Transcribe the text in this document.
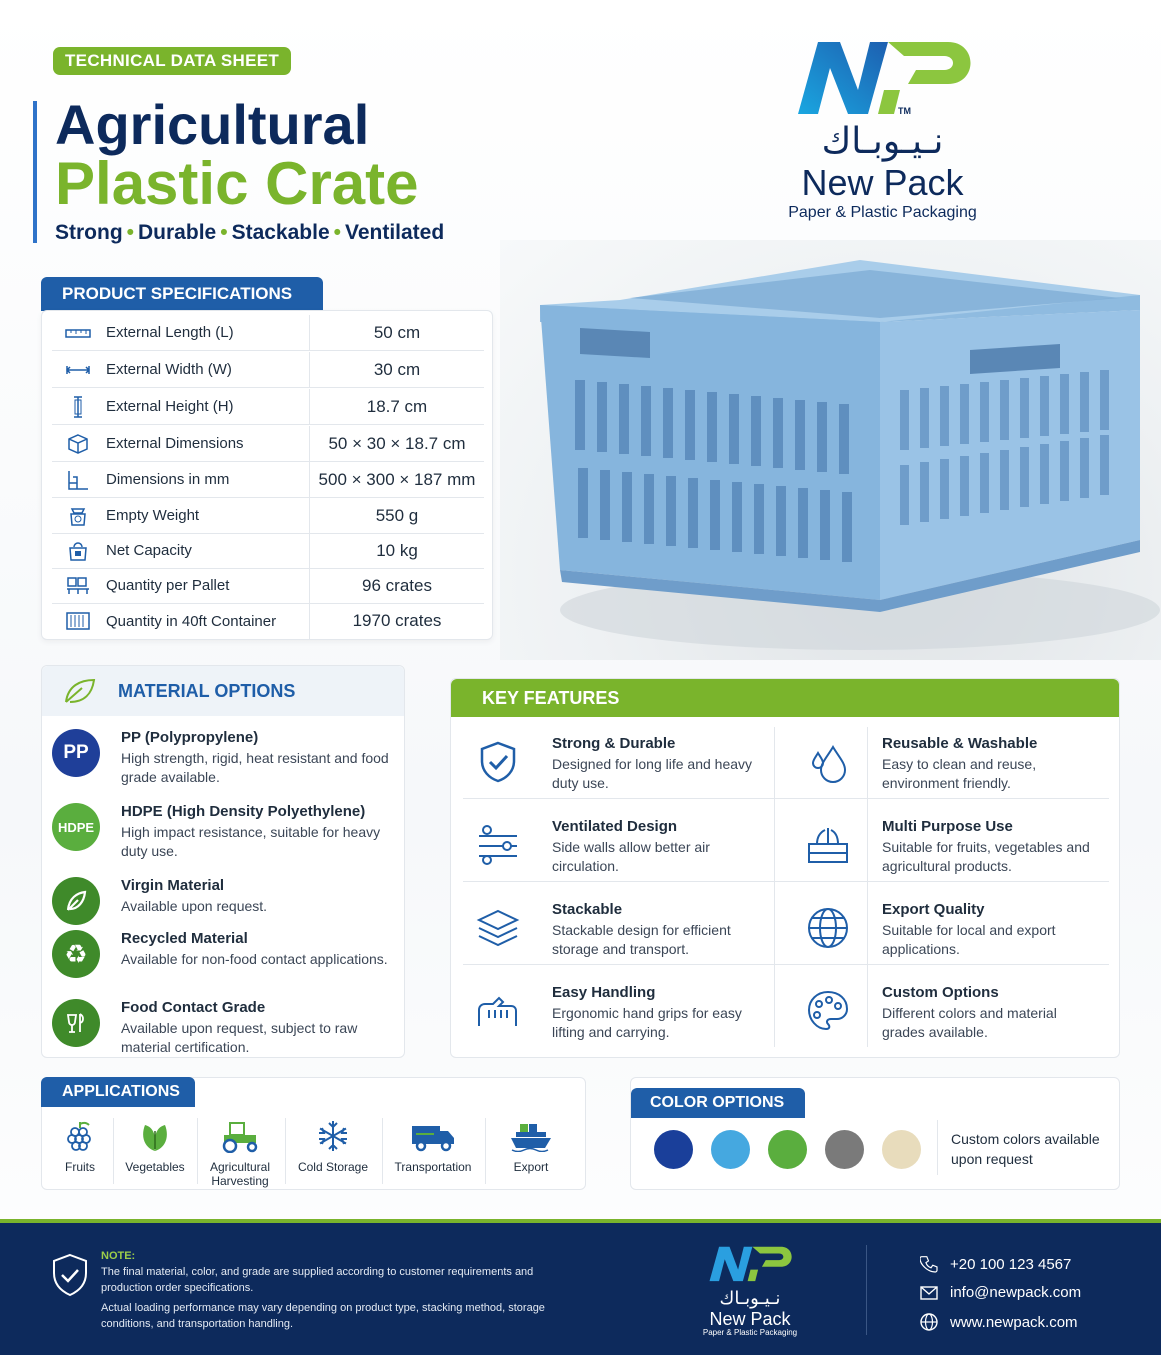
TECHNICAL DATA SHEET
Agricultural
Plastic Crate
Strong • Durable • Stackable • Ventilated
TM
نـيـوبـاك
New Pack
Paper & Plastic Packaging
PRODUCT SPECIFICATIONS
External Length (L)	50 cm
External Width (W)	30 cm
External Height (H)	18.7 cm
External Dimensions	50 × 30 × 18.7 cm
Dimensions in mm	500 × 300 × 187 mm
Empty Weight	550 g
Net Capacity	10 kg
Quantity per Pallet	96 crates
Quantity in 40ft Container	1970 crates
MATERIAL OPTIONS
PP
PP (Polypropylene)
High strength, rigid, heat resistant and food grade available.
HDPE
HDPE (High Density Polyethylene)
High impact resistance, suitable for heavy duty use.
Virgin Material
Available upon request.
♻	Recycled Material
Available for non-food contact applications.
Food Contact Grade
Available upon request, subject to raw material certification.
KEY FEATURES
Strong & Durable
Designed for long life and heavy duty use.
Reusable & Washable
Easy to clean and reuse, environment friendly.
Ventilated Design
Side walls allow better air circulation.
Multi Purpose Use
Suitable for fruits, vegetables and agricultural products.
Stackable
Stackable design for efficient storage and transport.
Export Quality
Suitable for local and export applications.
Easy Handling
Ergonomic hand grips for easy lifting and carrying.
Custom Options
Different colors and material grades available.
Fruits	Vegetables	Agricultural Harvesting
Cold Storage	Transportation	Export
APPLICATIONS
COLOR OPTIONS
Custom colors available upon request
NOTE:
The final material, color, and grade are supplied according to customer requirements and production order specifications.
Actual loading performance may vary depending on product type, stacking method, storage conditions, and transportation handling.
نـيـوبـاك
New Pack
Paper & Plastic Packaging
+20 100 123 4567
info@newpack.com
www.newpack.com
